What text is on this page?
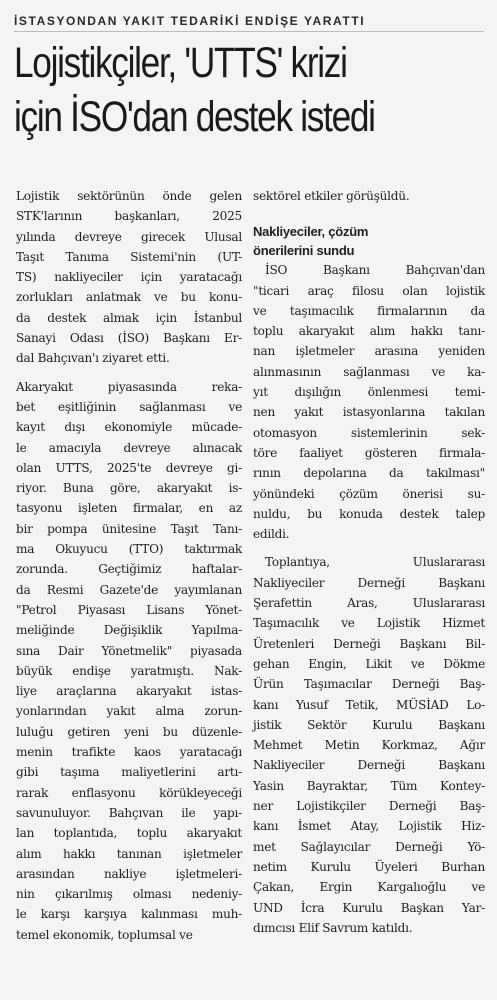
İSTASYONDAN YAKIT TEDARİKİ ENDİŞE YARATTI
Lojistikçiler, 'UTTS' krizi
için İSO'dan destek istedi

Lojistik sektörünün önde gelen
STK'larının başkanları, 2025
yılında devreye girecek Ulusal
Taşıt Tanıma Sistemi'nin (UT-
TS) nakliyeciler için yaratacağı
zorlukları anlatmak ve bu konu-
da destek almak için İstanbul
Sanayi Odası (İSO) Başkanı Er-
dal Bahçıvan'ı ziyaret etti.

Akaryakıt piyasasında reka-
bet eşitliğinin sağlanması ve
kayıt dışı ekonomiyle mücade-
le amacıyla devreye alınacak
olan UTTS, 2025'te devreye gi-
riyor. Buna göre, akaryakıt is-
tasyonu işleten firmalar, en az
bir pompa ünitesine Taşıt Tanı-
ma Okuyucu (TTO) taktırmak
zorunda. Geçtiğimiz haftalar-
da Resmi Gazete'de yayımlanan
"Petrol Piyasası Lisans Yönet-
meliğinde Değişiklik Yapılma-
sına Dair Yönetmelik" piyasada
büyük endişe yaratmıştı. Nak-
liye araçlarına akaryakıt istas-
yonlarından yakıt alma zorun-
luluğu getiren yeni bu düzenle-
menin trafikte kaos yaratacağı
gibi taşıma maliyetlerini artı-
rarak enflasyonu körükleyeceği
savunuluyor. Bahçıvan ile yapı-
lan toplantıda, toplu akaryakıt
alım hakkı tanınan işletmeler
arasından nakliye işletmeleri-
nin çıkarılmış olması nedeniy-
le karşı karşıya kalınması muh-
temel ekonomik, toplumsal ve

sektörel etkiler görüşüldü.

Nakliyeciler, çözüm
önerilerini sundu

İSO Başkanı Bahçıvan'dan
"ticari araç filosu olan lojistik
ve taşımacılık firmalarının da
toplu akaryakıt alım hakkı tanı-
nan işletmeler arasına yeniden
alınmasının sağlanması ve ka-
yıt dışılığın önlenmesi temi-
nen yakıt istasyonlarına takılan
otomasyon sistemlerinin sek-
töre faaliyet gösteren firmala-
rının depolarına da takılması"
yönündeki çözüm önerisi su-
nuldu, bu konuda destek talep
edildi.

Toplantıya, Uluslararası
Nakliyeciler Derneği Başkanı
Şerafettin Aras, Uluslararası
Taşımacılık ve Lojistik Hizmet
Üretenleri Derneği Başkanı Bil-
gehan Engin, Likit ve Dökme
Ürün Taşımacılar Derneği Baş-
kanı Yusuf Tetik, MÜSİAD Lo-
jistik Sektör Kurulu Başkanı
Mehmet Metin Korkmaz, Ağır
Nakliyeciler Derneği Başkanı
Yasin Bayraktar, Tüm Kontey-
ner Lojistikçiler Derneği Baş-
kanı İsmet Atay, Lojistik Hiz-
met Sağlayıcılar Derneği Yö-
netim Kurulu Üyeleri Burhan
Çakan, Ergin Kargalıoğlu ve
UND İcra Kurulu Başkan Yar-
dımcısı Elif Savrum katıldı.
